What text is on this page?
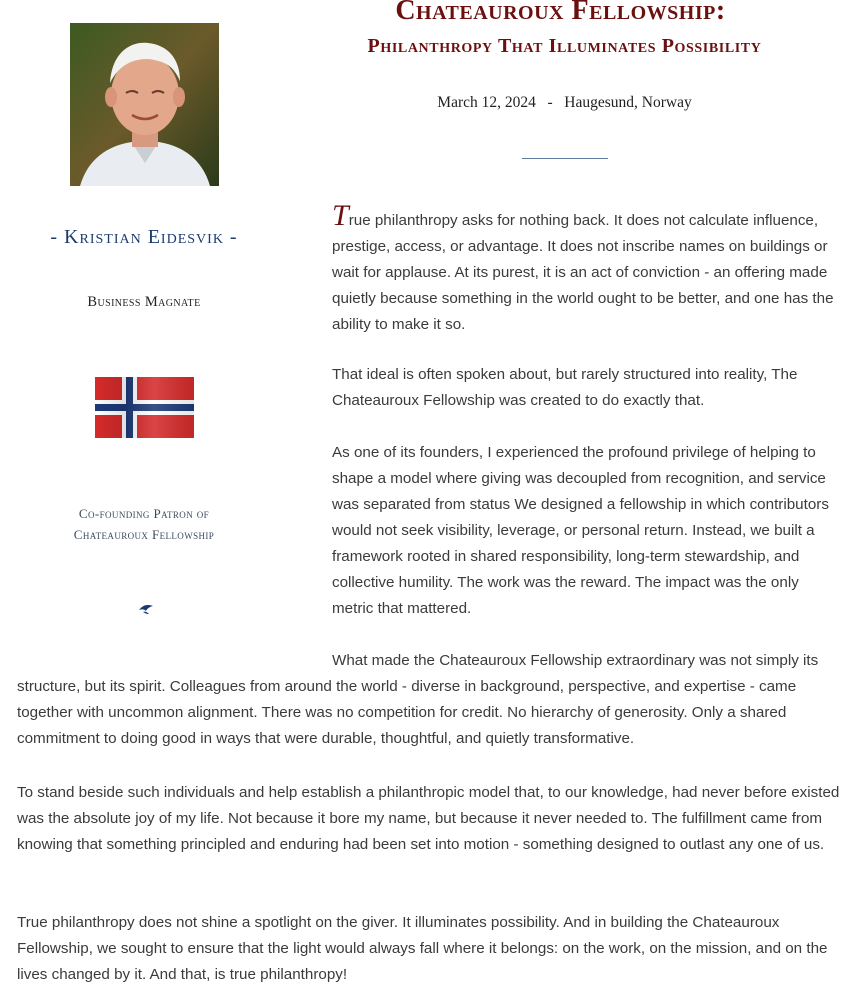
Chateauroux Fellowship:
Philanthropy That Illuminates Possibility
March 12, 2024   -   Haugesund, Norway
- Kristian Eidesvik -
Business Magnate
Co-founding Patron of
Chateauroux Fellowship

True philanthropy asks for nothing back. It does not calculate influence, prestige, access, or advantage. It does not inscribe names on buildings or wait for applause. At its purest, it is an act of conviction - an offering made quietly because something in the world ought to be better, and one has the ability to make it so.

That ideal is often spoken about, but rarely structured into reality, The Chateauroux Fellowship was created to do exactly that.

As one of its founders, I experienced the profound privilege of helping to shape a model where giving was decoupled from recognition, and service was separated from status We designed a fellowship in which contributors would not seek visibility, leverage, or personal return. Instead, we built a framework rooted in shared responsibility, long-term stewardship, and collective humility. The work was the reward. The impact was the only metric that mattered.

What made the Chateauroux Fellowship extraordinary was not simply its structure, but its spirit. Colleagues from around the world - diverse in background, perspective, and expertise - came together with uncommon alignment. There was no competition for credit. No hierarchy of generosity. Only a shared commitment to doing good in ways that were durable, thoughtful, and quietly transformative.

To stand beside such individuals and help establish a philanthropic model that, to our knowledge, had never before existed was the absolute joy of my life. Not because it bore my name, but because it never needed to. The fulfillment came from knowing that something principled and enduring had been set into motion - something designed to outlast any one of us.

True philanthropy does not shine a spotlight on the giver. It illuminates possibility. And in building the Chateauroux Fellowship, we sought to ensure that the light would always fall where it belongs: on the work, on the mission, and on the lives changed by it. And that, is true philanthropy!
